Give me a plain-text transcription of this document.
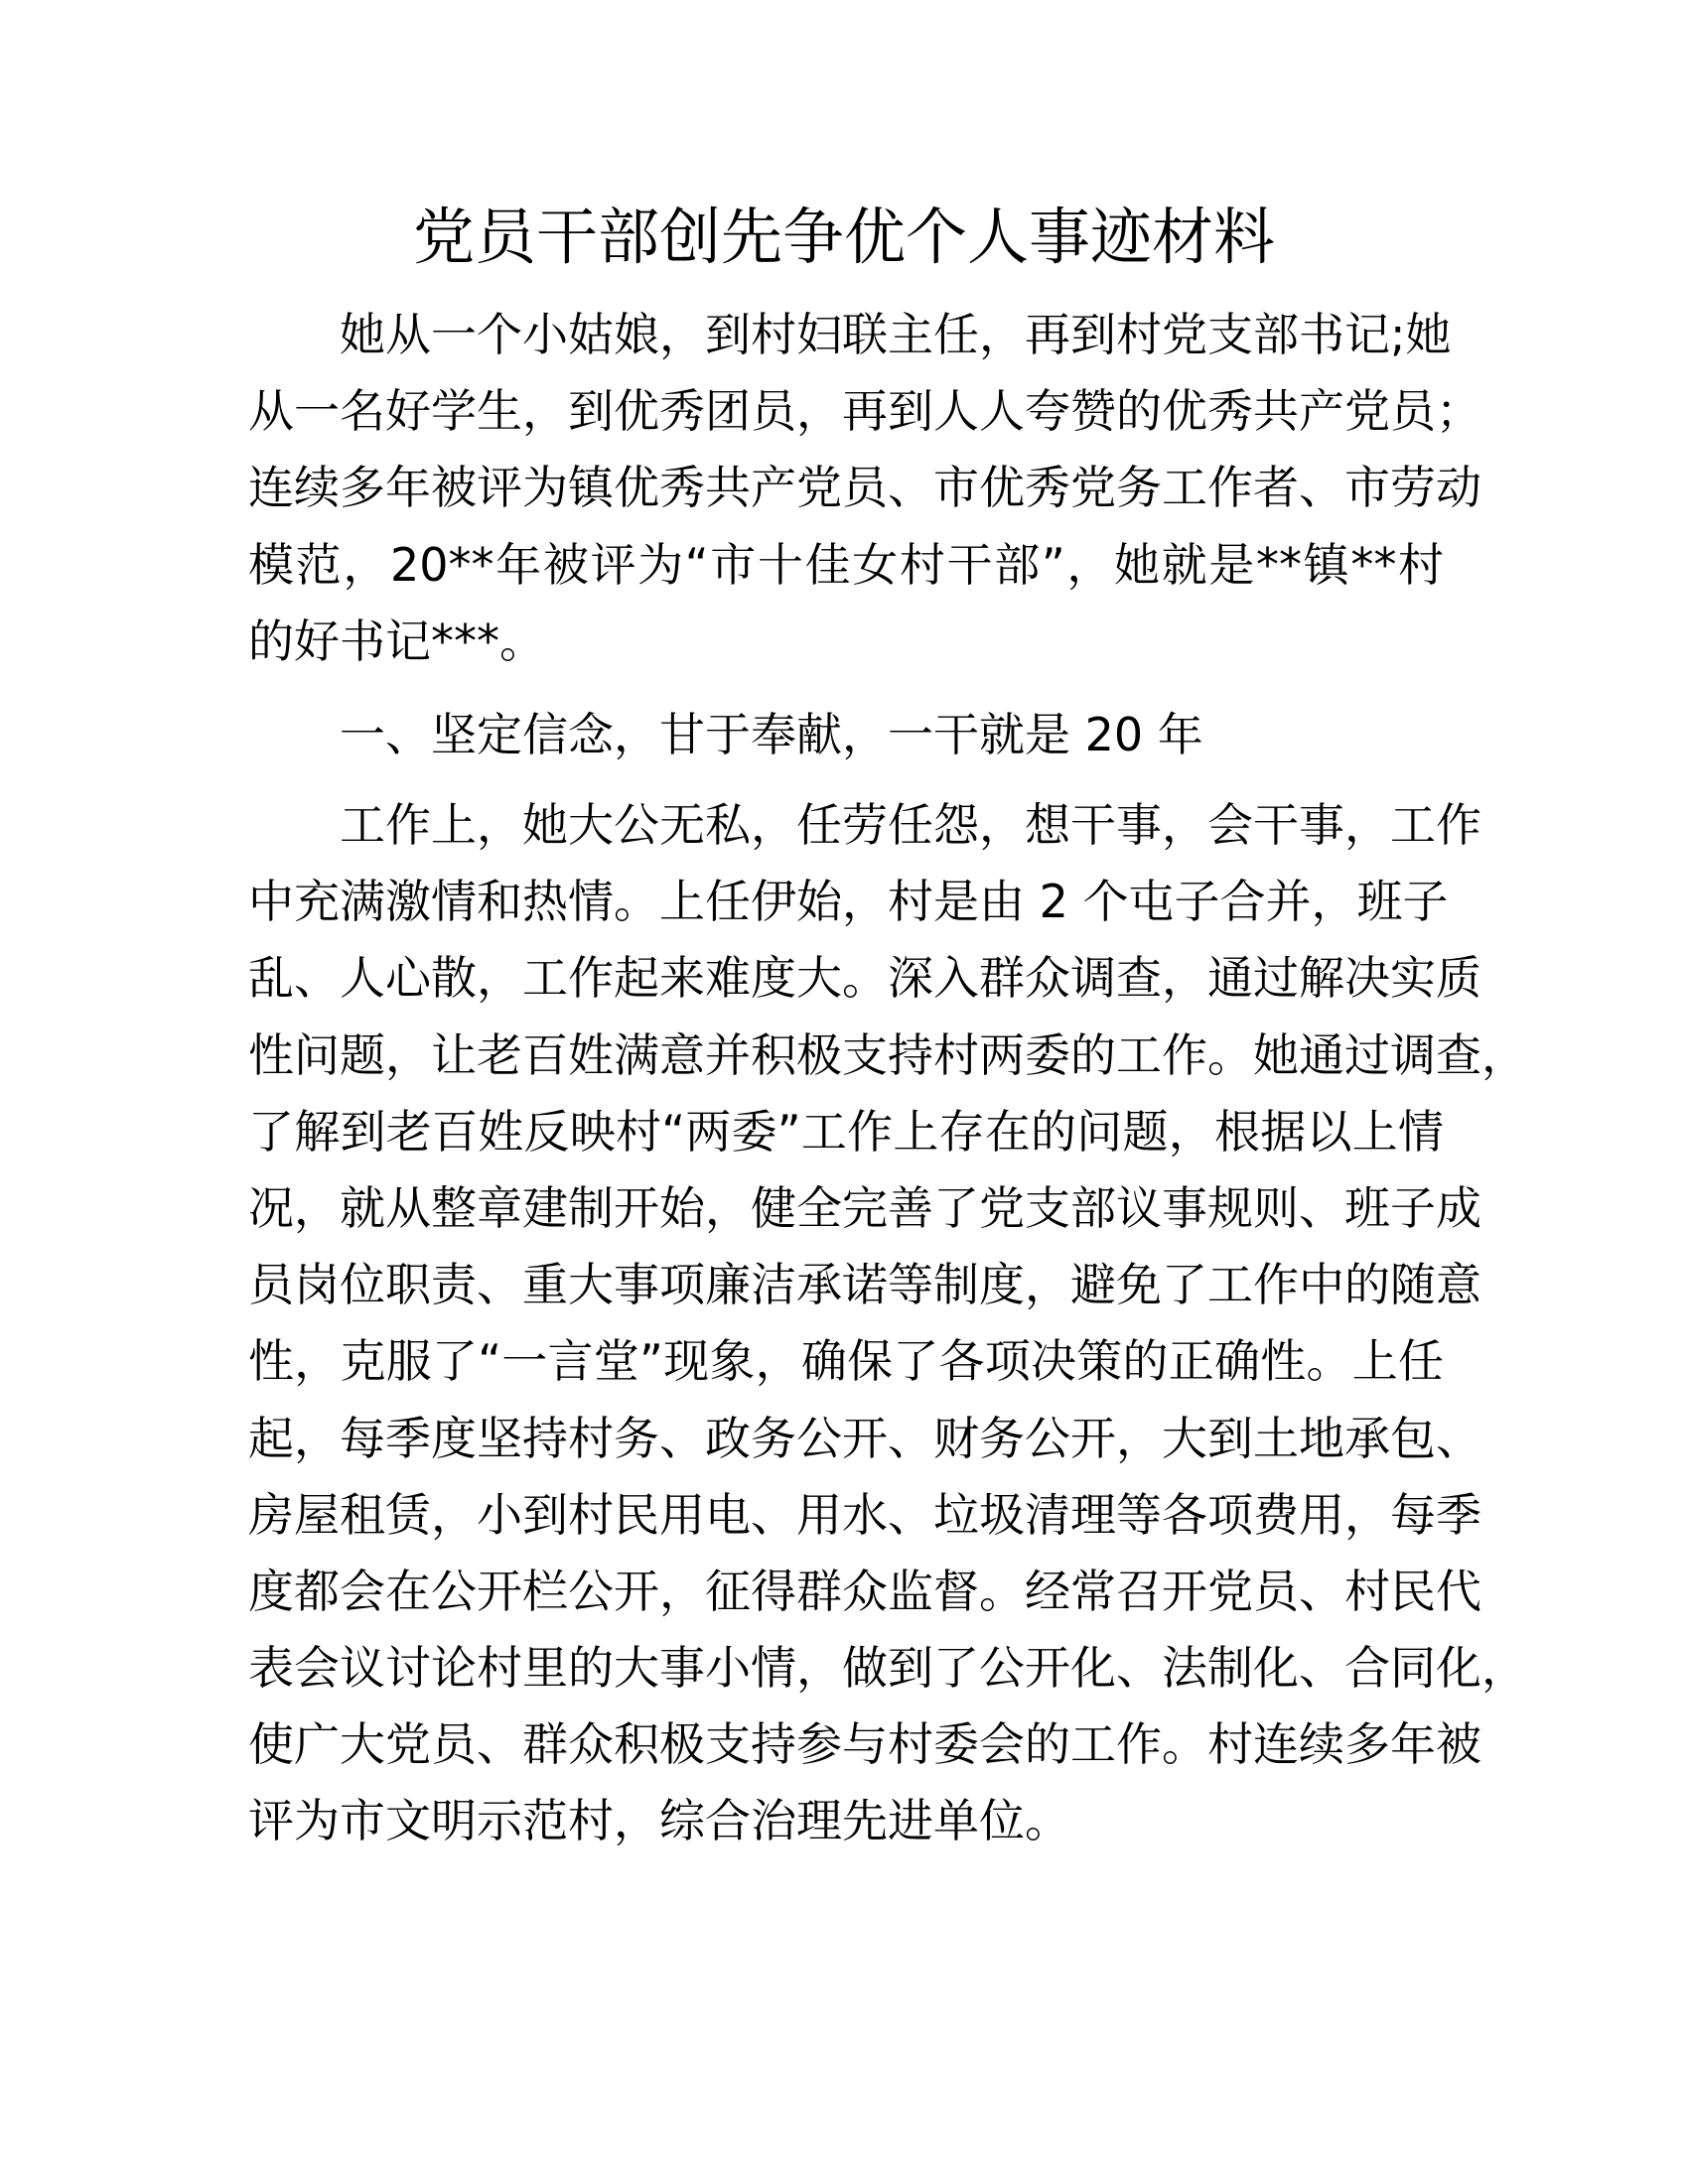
党员干部创先争优个人事迹材料
她从一个小姑娘，到村妇联主任，再到村党支部书记;她
从一名好学生，到优秀团员，再到人人夸赞的优秀共产党员；
连续多年被评为镇优秀共产党员、市优秀党务工作者、市劳动
模范，20**年被评为“市十佳女村干部”，她就是**镇**村
的好书记***。
一、坚定信念，甘于奉献，一干就是 20 年
工作上，她大公无私，任劳任怨，想干事，会干事，工作
中充满激情和热情。上任伊始，村是由 2 个屯子合并，班子
乱、人心散，工作起来难度大。深入群众调查，通过解决实质
性问题，让老百姓满意并积极支持村两委的工作。她通过调查，
了解到老百姓反映村“两委”工作上存在的问题，根据以上情
况，就从整章建制开始，健全完善了党支部议事规则、班子成
员岗位职责、重大事项廉洁承诺等制度，避免了工作中的随意
性，克服了“一言堂”现象，确保了各项决策的正确性。上任
起，每季度坚持村务、政务公开、财务公开，大到土地承包、
房屋租赁，小到村民用电、用水、垃圾清理等各项费用，每季
度都会在公开栏公开，征得群众监督。经常召开党员、村民代
表会议讨论村里的大事小情，做到了公开化、法制化、合同化，
使广大党员、群众积极支持参与村委会的工作。村连续多年被
评为市文明示范村，综合治理先进单位。
